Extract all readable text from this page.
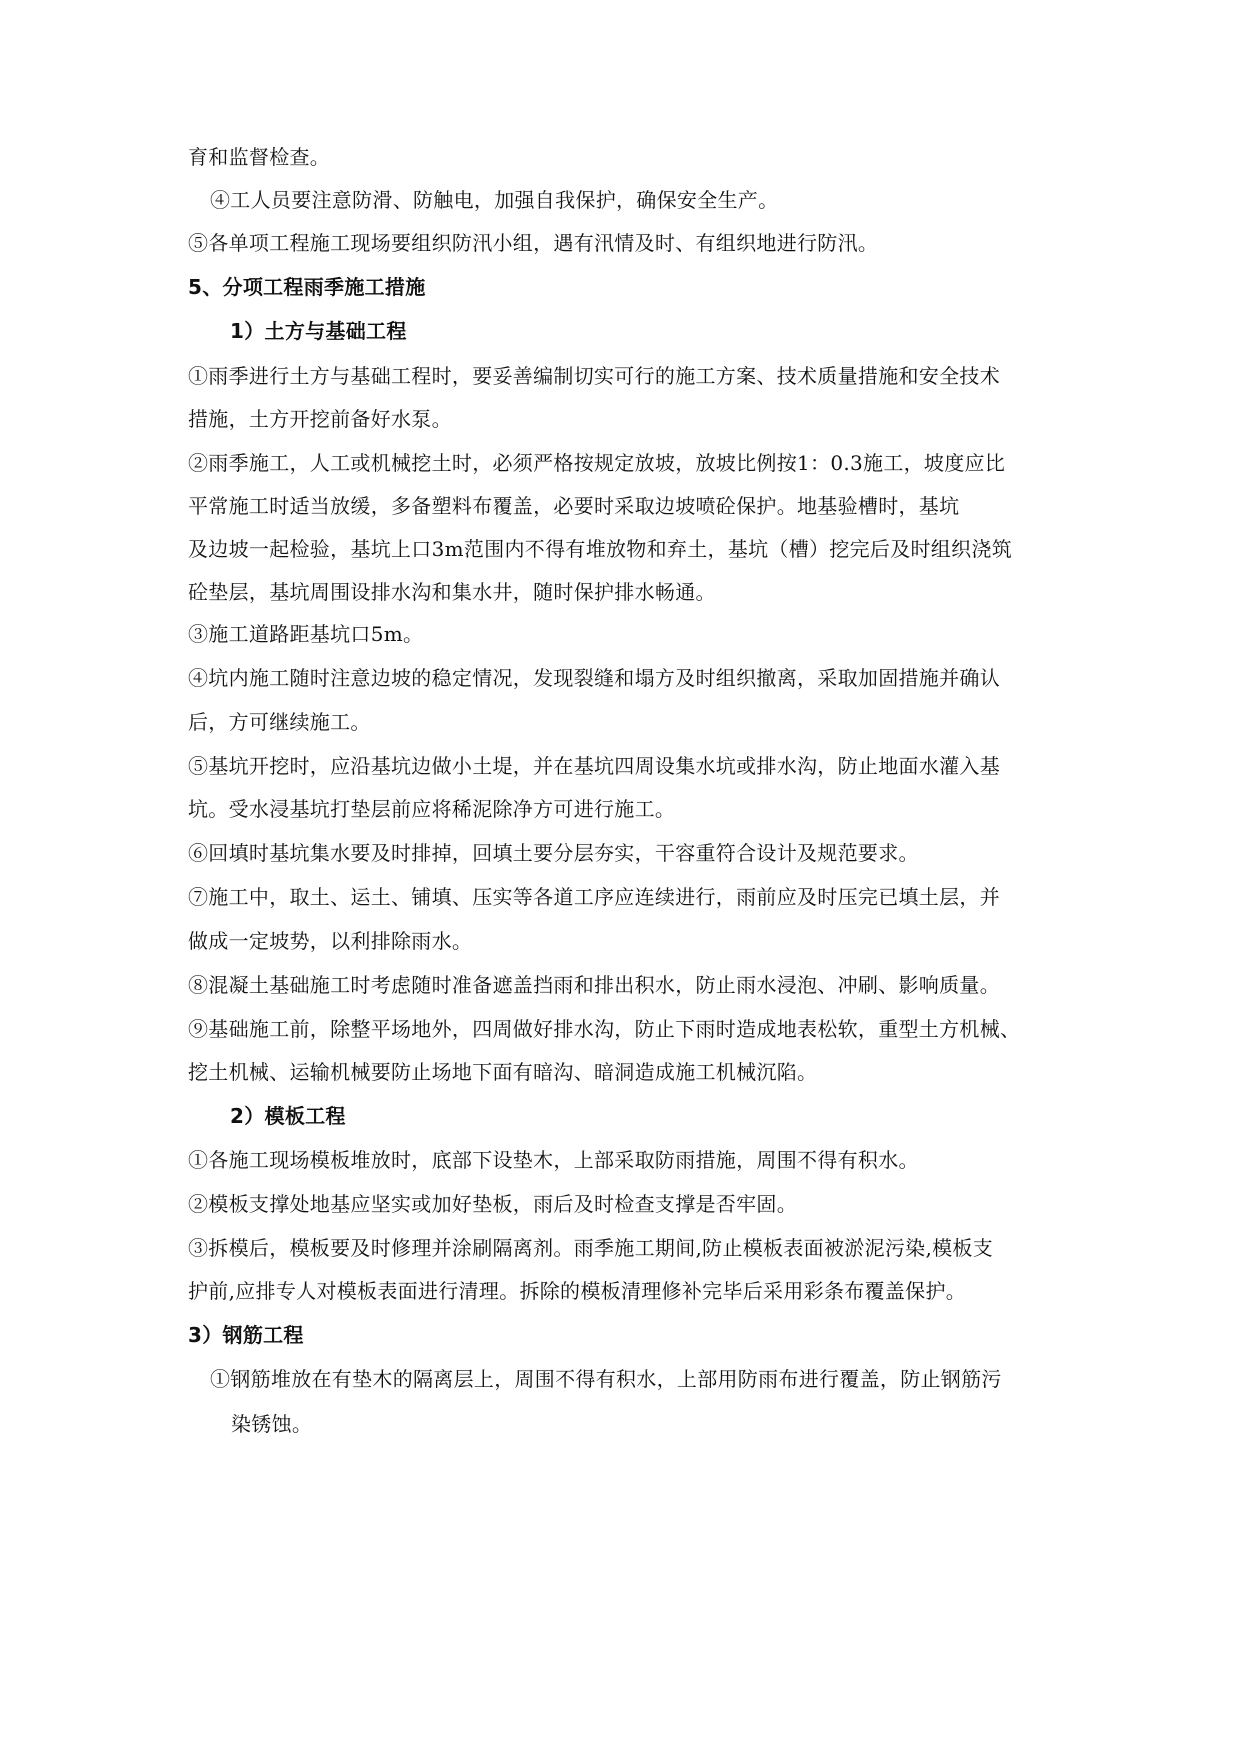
育和监督检查。
④工人员要注意防滑、防触电，加强自我保护，确保安全生产。
⑤各单项工程施工现场要组织防汛小组，遇有汛情及时、有组织地进行防汛。
5、分项工程雨季施工措施
1）土方与基础工程
①雨季进行土方与基础工程时，要妥善编制切实可行的施工方案、技术质量措施和安全技术
措施，土方开挖前备好水泵。
②雨季施工，人工或机械挖土时，必须严格按规定放坡，放坡比例按1：0.3施工，坡度应比
平常施工时适当放缓，多备塑料布覆盖，必要时采取边坡喷砼保护。地基验槽时，基坑
及边坡一起检验，基坑上口3m范围内不得有堆放物和弃土，基坑（槽）挖完后及时组织浇筑
砼垫层，基坑周围设排水沟和集水井，随时保护排水畅通。
③施工道路距基坑口5m。
④坑内施工随时注意边坡的稳定情况，发现裂缝和塌方及时组织撤离，采取加固措施并确认
后，方可继续施工。
⑤基坑开挖时，应沿基坑边做小土堤，并在基坑四周设集水坑或排水沟，防止地面水灌入基
坑。受水浸基坑打垫层前应将稀泥除净方可进行施工。
⑥回填时基坑集水要及时排掉，回填土要分层夯实，干容重符合设计及规范要求。
⑦施工中，取土、运土、铺填、压实等各道工序应连续进行，雨前应及时压完已填土层，并
做成一定坡势，以利排除雨水。
⑧混凝土基础施工时考虑随时准备遮盖挡雨和排出积水，防止雨水浸泡、冲刷、影响质量。
⑨基础施工前，除整平场地外，四周做好排水沟，防止下雨时造成地表松软，重型土方机械、
挖土机械、运输机械要防止场地下面有暗沟、暗洞造成施工机械沉陷。
2）模板工程
①各施工现场模板堆放时，底部下设垫木，上部采取防雨措施，周围不得有积水。
②模板支撑处地基应坚实或加好垫板，雨后及时检查支撑是否牢固。
③拆模后，模板要及时修理并涂刷隔离剂。雨季施工期间,防止模板表面被淤泥污染,模板支
护前,应排专人对模板表面进行清理。拆除的模板清理修补完毕后采用彩条布覆盖保护。
3）钢筋工程
①钢筋堆放在有垫木的隔离层上，周围不得有积水，上部用防雨布进行覆盖，防止钢筋污
染锈蚀。
